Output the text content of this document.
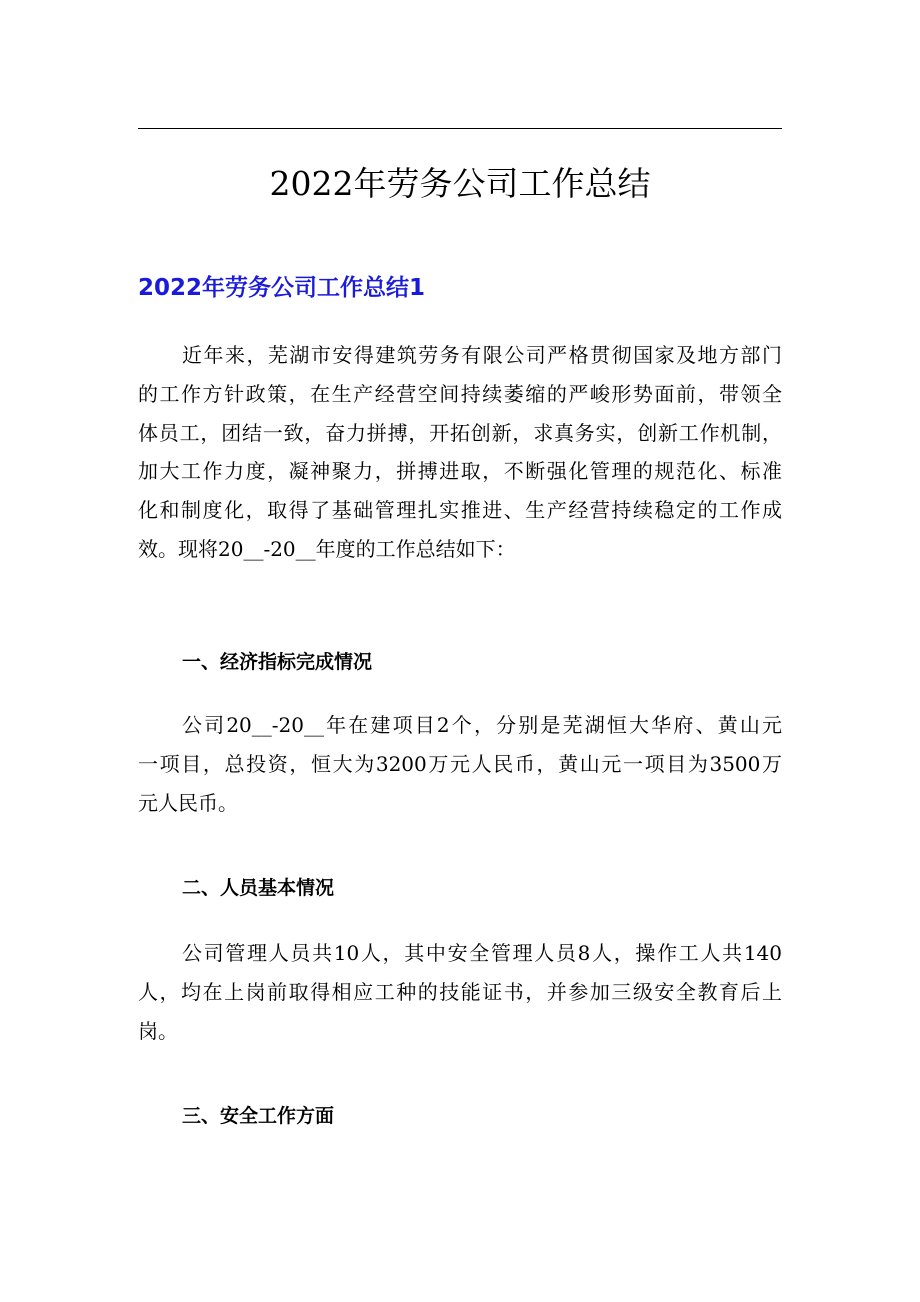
2022年劳务公司工作总结
2022年劳务公司工作总结1

近年来，芜湖市安得建筑劳务有限公司严格贯彻国家及地方部门
的工作方针政策，在生产经营空间持续萎缩的严峻形势面前，带领全
体员工，团结一致，奋力拼搏，开拓创新，求真务实，创新工作机制，
加大工作力度，凝神聚力，拼搏进取，不断强化管理的规范化、标准
化和制度化，取得了基础管理扎实推进、生产经营持续稳定的工作成
效。现将20__-20__年度的工作总结如下：

一、经济指标完成情况

公司20__-20__年在建项目2个，分别是芜湖恒大华府、黄山元
一项目，总投资，恒大为3200万元人民币，黄山元一项目为3500万
元人民币。

二、人员基本情况

公司管理人员共10人，其中安全管理人员8人，操作工人共140
人，均在上岗前取得相应工种的技能证书，并参加三级安全教育后上
岗。

三、安全工作方面
